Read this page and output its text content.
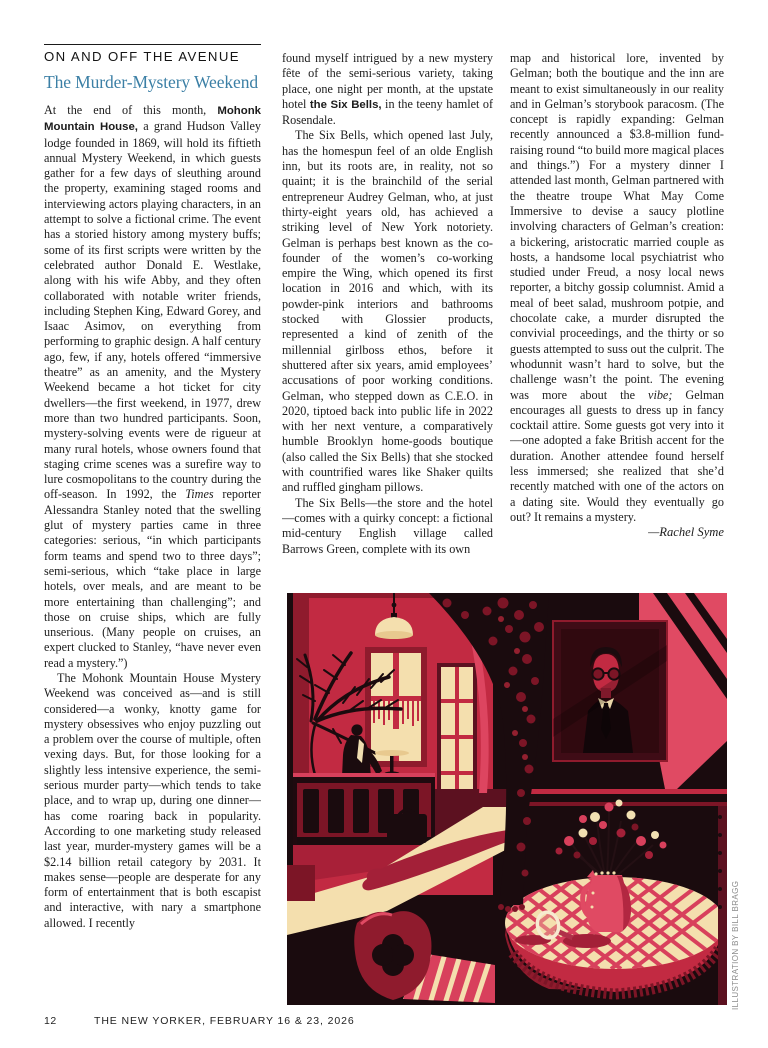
ON AND OFF THE AVENUE
The Murder-Mystery Weekend

At the end of this month, Mohonk Mountain House, a grand Hudson Valley lodge founded in 1869, will hold its fiftieth annual Mystery Weekend, in which guests gather for a few days of sleuthing around the property, examining staged rooms and interviewing actors playing characters, in an attempt to solve a fictional crime. The event has a storied history among mystery buffs; some of its first scripts were written by the celebrated author Donald E. Westlake, along with his wife Abby, and they often collaborated with notable writer friends, including Stephen King, Edward Gorey, and Isaac Asimov, on everything from performing to graphic design. A half century ago, few, if any, hotels offered “immersive theatre” as an amenity, and the Mystery Weekend became a hot ticket for city dwellers—the first weekend, in 1977, drew more than two hundred participants. Soon, mystery-solving events were de rigueur at many rural hotels, whose owners found that staging crime scenes was a surefire way to lure cosmopolitans to the country during the off-season. In 1992, the Times reporter Alessandra Stanley noted that the swelling glut of mystery parties came in three categories: serious, “in which participants form teams and spend two to three days”; semi-serious, which “take place in large hotels, over meals, and are meant to be more entertaining than challenging”; and those on cruise ships, which are fully unserious. (Many people on cruises, an expert clucked to Stanley, “have never even read a mystery.”)

The Mohonk Mountain House Mystery Weekend was conceived as—and is still considered—a wonky, knotty game for mystery obsessives who enjoy puzzling out a problem over the course of multiple, often vexing days. But, for those looking for a slightly less intensive experience, the semi-serious murder party—which tends to take place, and to wrap up, during one dinner—has come roaring back in popularity. According to one marketing study released last year, murder-mystery games will be a $2.14 billion retail category by 2031. It makes sense—people are desperate for any form of entertainment that is both escapist and interactive, with nary a smartphone allowed. I recently

found myself intrigued by a new mystery fête of the semi-serious variety, taking place, one night per month, at the upstate hotel the Six Bells, in the teeny hamlet of Rosendale.

The Six Bells, which opened last July, has the homespun feel of an olde English inn, but its roots are, in reality, not so quaint; it is the brainchild of the serial entrepreneur Audrey Gelman, who, at just thirty-eight years old, has achieved a striking level of New York notoriety. Gelman is perhaps best known as the co-founder of the women’s co-working empire the Wing, which opened its first location in 2016 and which, with its powder-pink interiors and bathrooms stocked with Glossier products, represented a kind of zenith of the millennial girlboss ethos, before it shuttered after six years, amid employees’ accusations of poor working conditions. Gelman, who stepped down as C.E.O. in 2020, tiptoed back into public life in 2022 with her next venture, a comparatively humble Brooklyn home-goods boutique (also called the Six Bells) that she stocked with countrified wares like Shaker quilts and ruffled gingham pillows.

The Six Bells—the store and the hotel—comes with a quirky concept: a fictional mid-century English village called Barrows Green, complete with its own

map and historical lore, invented by Gelman; both the boutique and the inn are meant to exist simultaneously in our reality and in Gelman’s storybook paracosm. (The concept is rapidly expanding: Gelman recently announced a $3.8-million fund-raising round “to build more magical places and things.”) For a mystery dinner I attended last month, Gelman partnered with the theatre troupe What May Come Immersive to devise a saucy plotline involving characters of Gelman’s creation: a bickering, aristocratic married couple as hosts, a handsome local psychiatrist who studied under Freud, a nosy local news reporter, a bitchy gossip columnist. Amid a meal of beet salad, mushroom potpie, and chocolate cake, a murder disrupted the convivial proceedings, and the thirty or so guests attempted to suss out the culprit. The whodunnit wasn’t hard to solve, but the challenge wasn’t the point. The evening was more about the vibe; Gelman encourages all guests to dress up in fancy cocktail attire. Some guests got very into it—one adopted a fake British accent for the duration. Another attendee found herself less immersed; she realized that she’d recently matched with one of the actors on a dating site. Would they eventually go out? It remains a mystery.

—Rachel Syme

ILLUSTRATION BY BILL BRAGG
12	THE NEW YORKER, FEBRUARY 16 & 23, 2026
